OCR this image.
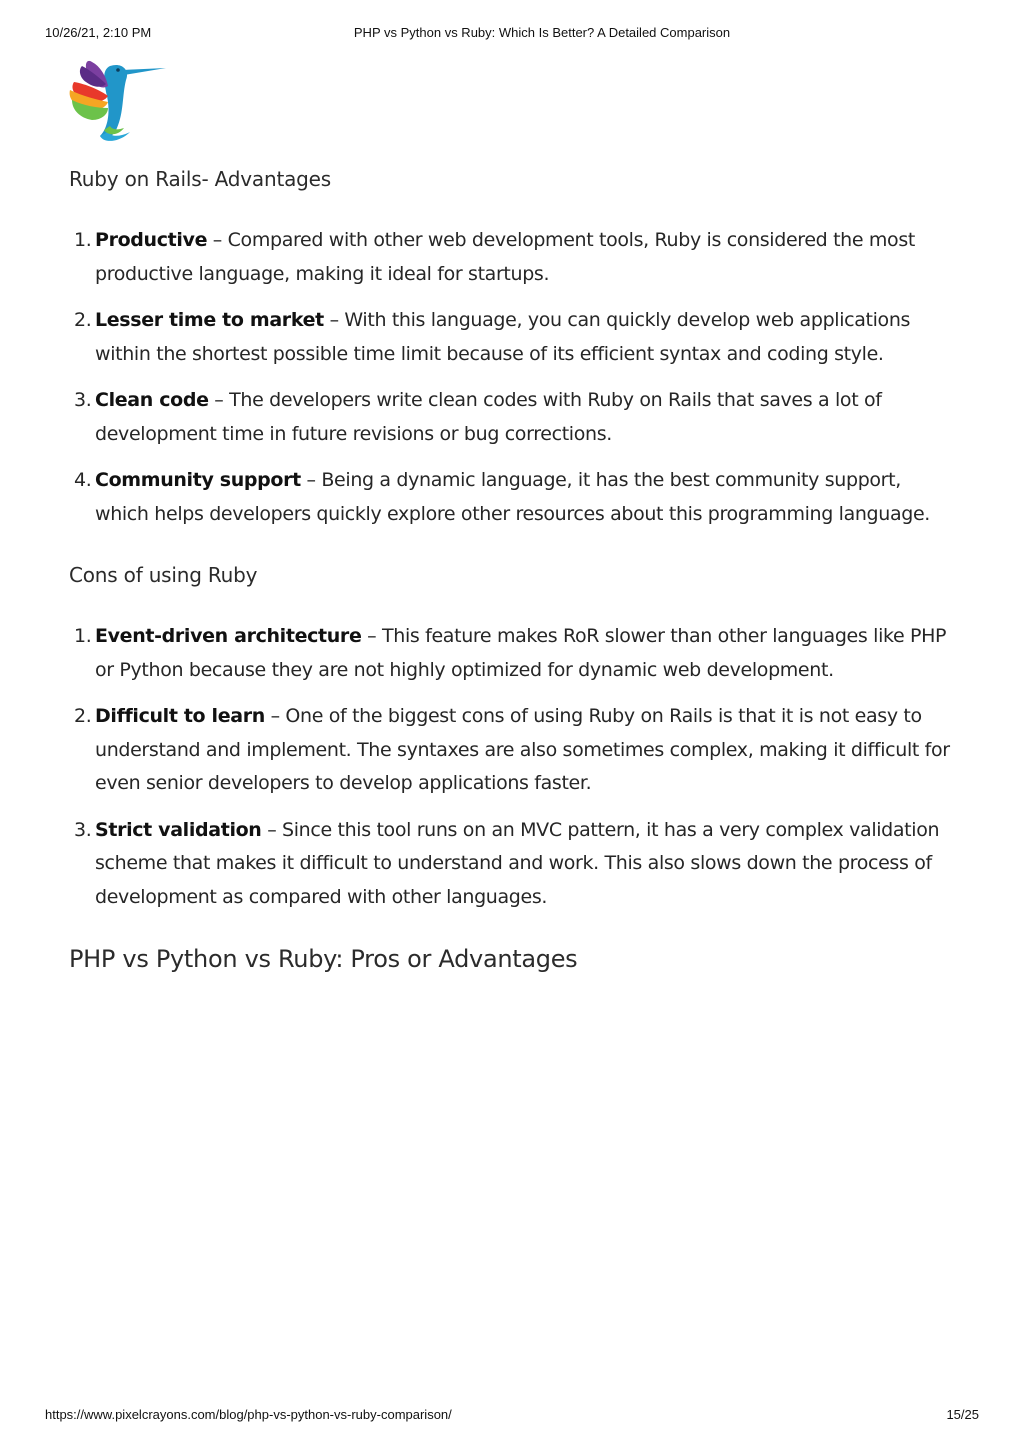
10/26/21, 2:10 PM	PHP vs Python vs Ruby: Which Is Better? A Detailed Comparison
Ruby on Rails- Advantages
1. Productive – Compared with other web development tools, Ruby is considered the most productive language, making it ideal for startups.
2. Lesser time to market – With this language, you can quickly develop web applications within the shortest possible time limit because of its efficient syntax and coding style.
3. Clean code – The developers write clean codes with Ruby on Rails that saves a lot of development time in future revisions or bug corrections.
4. Community support – Being a dynamic language, it has the best community support, which helps developers quickly explore other resources about this programming language.
Cons of using Ruby
1. Event-driven architecture – This feature makes RoR slower than other languages like PHP or Python because they are not highly optimized for dynamic web development.
2. Difficult to learn – One of the biggest cons of using Ruby on Rails is that it is not easy to understand and implement. The syntaxes are also sometimes complex, making it difficult for even senior developers to develop applications faster.
3. Strict validation – Since this tool runs on an MVC pattern, it has a very complex validation scheme that makes it difficult to understand and work. This also slows down the process of development as compared with other languages.
PHP vs Python vs Ruby: Pros or Advantages
https://www.pixelcrayons.com/blog/php-vs-python-vs-ruby-comparison/	15/25
